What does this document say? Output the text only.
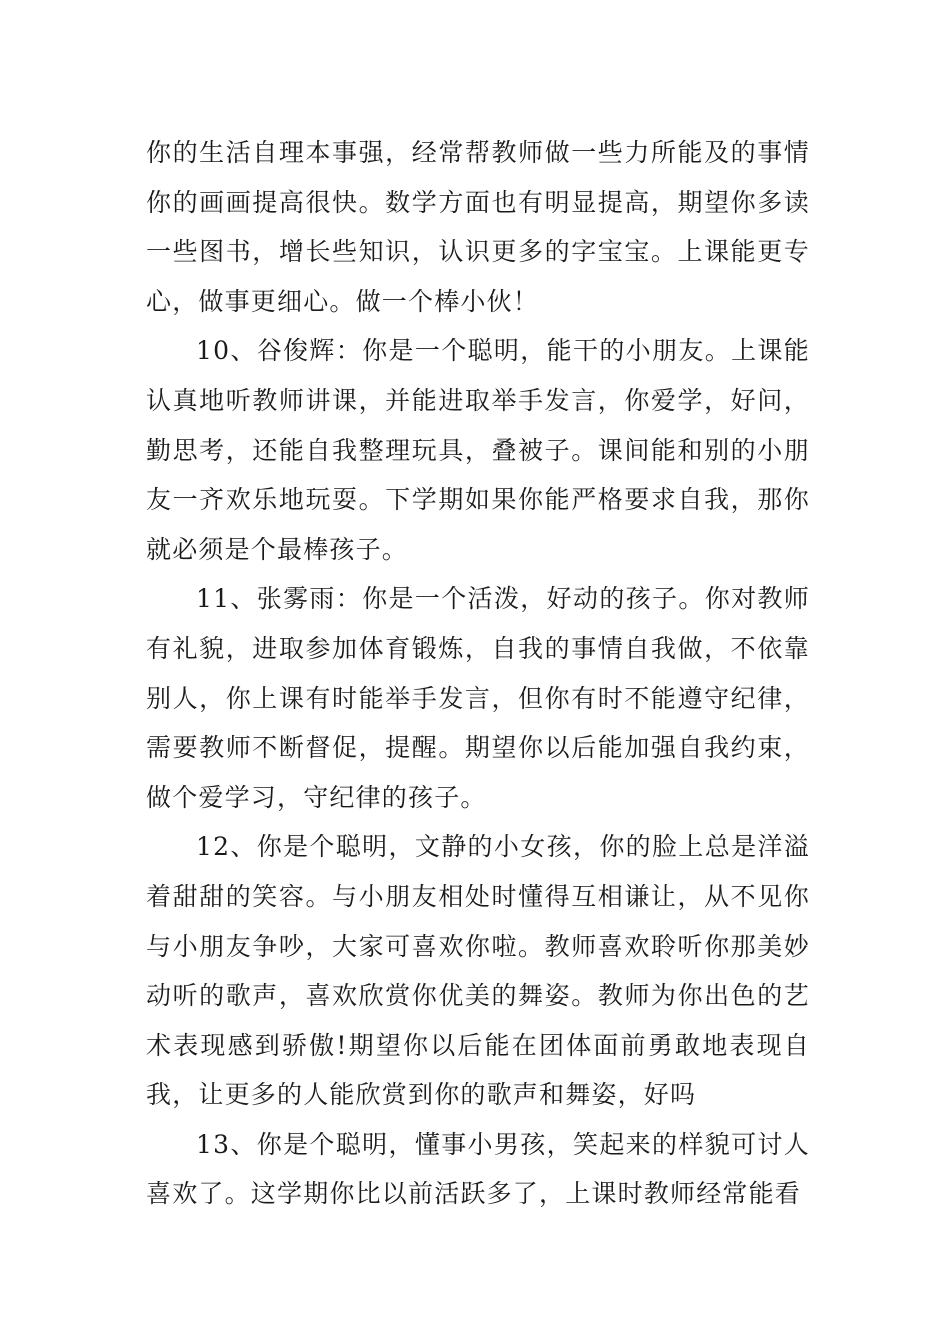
你的生活自理本事强，经常帮教师做一些力所能及的事情你的画画提高很快。数学方面也有明显提高，期望你多读一些图书，增长些知识，认识更多的字宝宝。上课能更专心，做事更细心。做一个棒小伙！

10、谷俊辉：你是一个聪明，能干的小朋友。上课能认真地听教师讲课，并能进取举手发言，你爱学，好问，勤思考，还能自我整理玩具，叠被子。课间能和别的小朋友一齐欢乐地玩耍。下学期如果你能严格要求自我，那你就必须是个最棒孩子。

11、张雾雨：你是一个活泼，好动的孩子。你对教师有礼貌，进取参加体育锻炼，自我的事情自我做，不依靠别人，你上课有时能举手发言，但你有时不能遵守纪律，需要教师不断督促，提醒。期望你以后能加强自我约束，做个爱学习，守纪律的孩子。

12、你是个聪明，文静的小女孩，你的脸上总是洋溢着甜甜的笑容。与小朋友相处时懂得互相谦让，从不见你与小朋友争吵，大家可喜欢你啦。教师喜欢聆听你那美妙动听的歌声，喜欢欣赏你优美的舞姿。教师为你出色的艺术表现感到骄傲!期望你以后能在团体面前勇敢地表现自我，让更多的人能欣赏到你的歌声和舞姿，好吗

13、你是个聪明，懂事小男孩，笑起来的样貌可讨人喜欢了。这学期你比以前活跃多了，上课时教师经常能看
